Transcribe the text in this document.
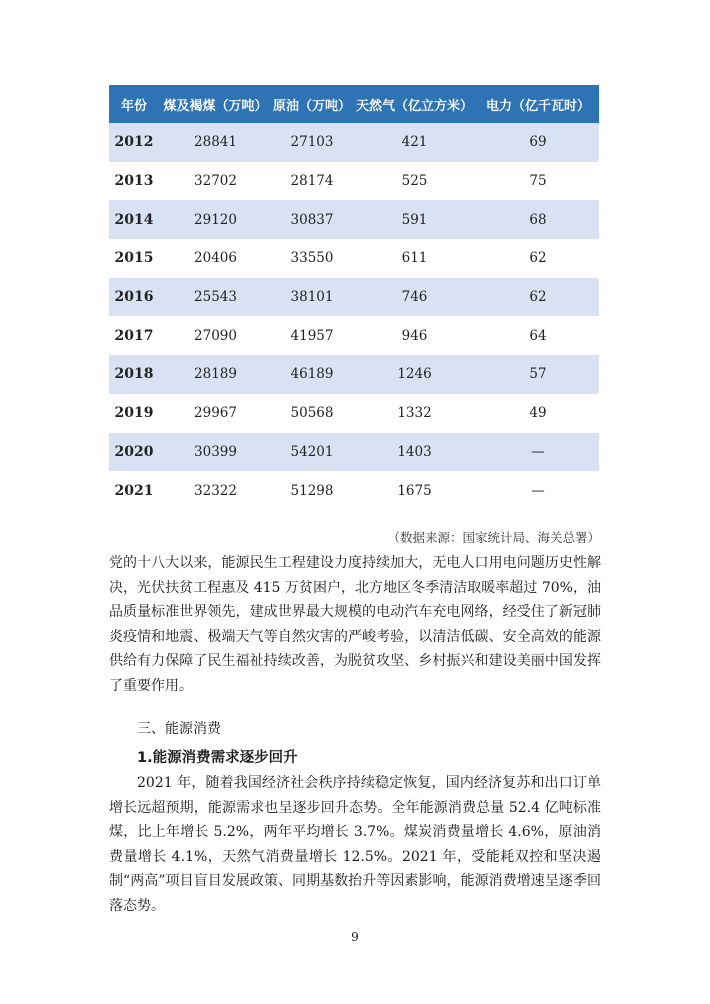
年份	煤及褐煤（万吨）	原油（万吨）	天然气（亿立方米）	电力（亿千瓦时）
2012	28841	27103	421	69
2013	32702	28174	525	75
2014	29120	30837	591	68
2015	20406	33550	611	62
2016	25543	38101	746	62
2017	27090	41957	946	64
2018	28189	46189	1246	57
2019	29967	50568	1332	49
2020	30399	54201	1403	—
2021	32322	51298	1675	—
（数据来源：国家统计局、海关总署）

党的十八大以来，能源民生工程建设力度持续加大，无电人口用电问题历史性解决，光伏扶贫工程惠及 415 万贫困户，北方地区冬季清洁取暖率超过 70%，油品质量标准世界领先，建成世界最大规模的电动汽车充电网络，经受住了新冠肺炎疫情和地震、极端天气等自然灾害的严峻考验，以清洁低碳、安全高效的能源供给有力保障了民生福祉持续改善，为脱贫攻坚、乡村振兴和建设美丽中国发挥了重要作用。

三、能源消费
1.能源消费需求逐步回升

2021 年，随着我国经济社会秩序持续稳定恢复，国内经济复苏和出口订单增长远超预期，能源需求也呈逐步回升态势。全年能源消费总量 52.4 亿吨标准煤，比上年增长 5.2%，两年平均增长 3.7%。煤炭消费量增长 4.6%，原油消费量增长 4.1%，天然气消费量增长 12.5%。2021 年，受能耗双控和坚决遏制“两高”项目盲目发展政策、同期基数抬升等因素影响，能源消费增速呈逐季回落态势。

9
